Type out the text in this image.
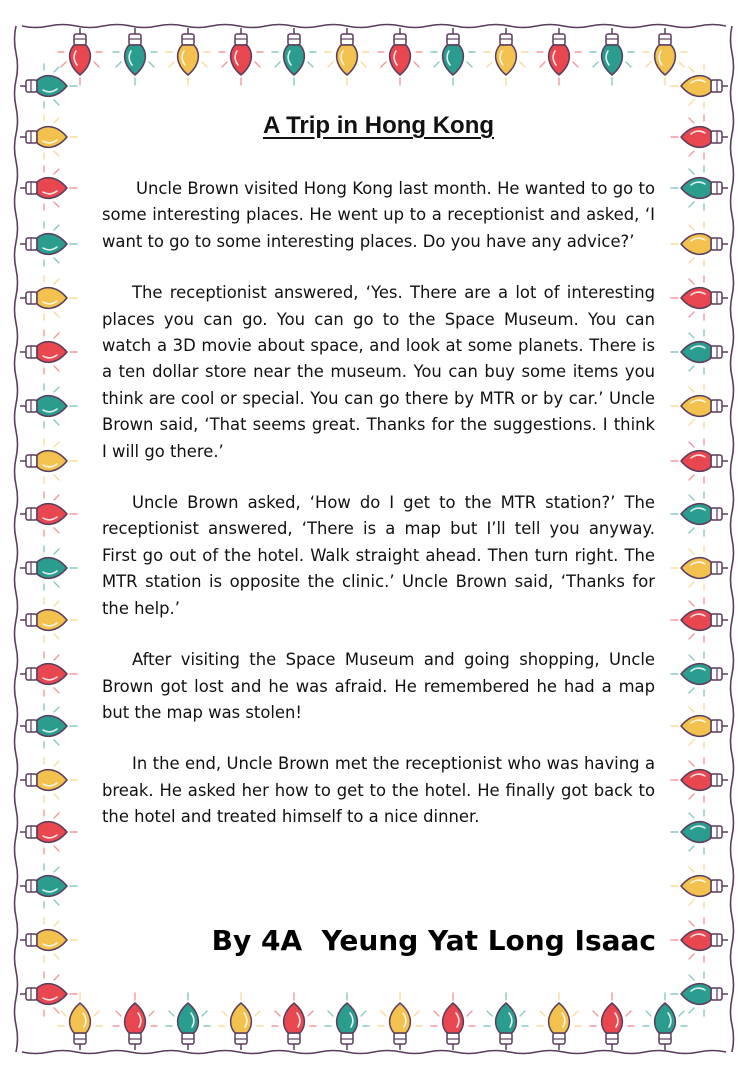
A Trip in Hong Kong

Uncle Brown visited Hong Kong last month. He wanted to go to some interesting places. He went up to a receptionist and asked, ‘I want to go to some interesting places. Do you have any advice?’

The receptionist answered, ‘Yes. There are a lot of interesting places you can go. You can go to the Space Museum. You can watch a 3D movie about space, and look at some planets. There is a ten dollar store near the museum. You can buy some items you think are cool or special. You can go there by MTR or by car.’ Uncle Brown said, ‘That seems great. Thanks for the suggestions. I think I will go there.’

Uncle Brown asked, ‘How do I get to the MTR station?’ The receptionist answered, ‘There is a map but I’ll tell you anyway. First go out of the hotel. Walk straight ahead. Then turn right. The MTR station is opposite the clinic.’ Uncle Brown said, ‘Thanks for the help.’

After visiting the Space Museum and going shopping, Uncle Brown got lost and he was afraid. He remembered he had a map but the map was stolen!

In the end, Uncle Brown met the receptionist who was having a break. He asked her how to get to the hotel. He finally got back to the hotel and treated himself to a nice dinner.

By 4A  Yeung Yat Long Isaac
